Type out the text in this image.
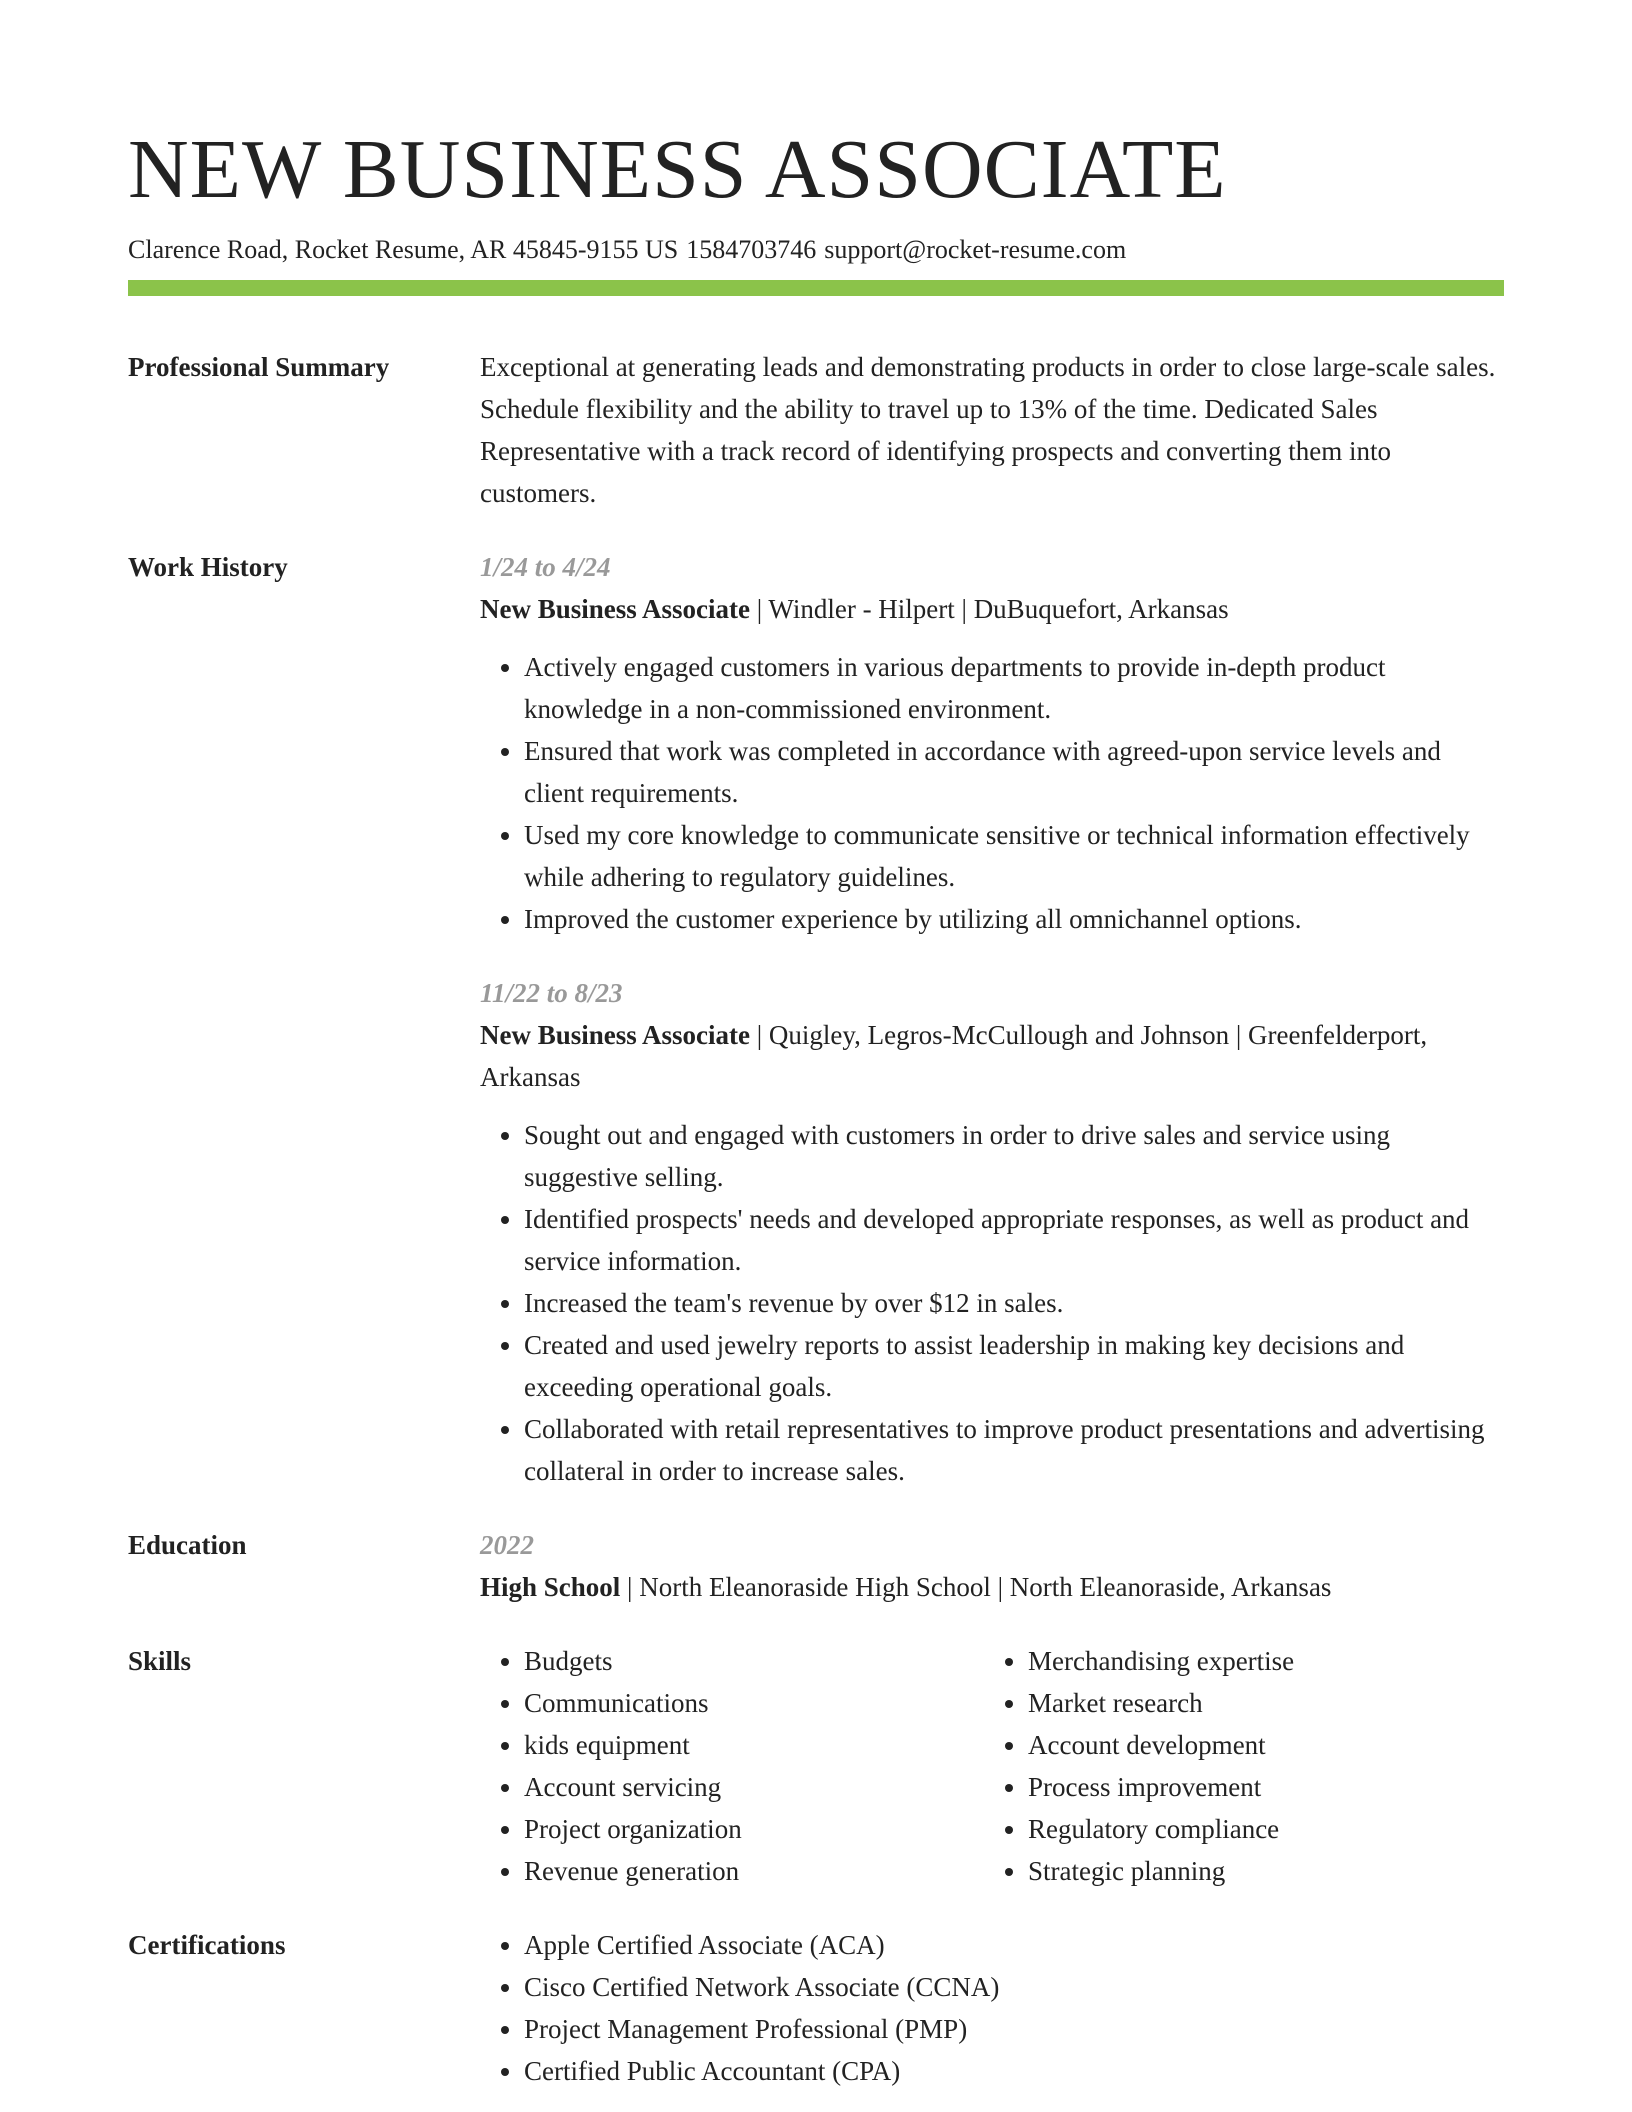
NEW BUSINESS ASSOCIATE
Clarence Road, Rocket Resume, AR 45845-9155 US 1584703746 support@rocket-resume.com
Professional Summary	Exceptional at generating leads and demonstrating products in order to close large-scale sales. Schedule flexibility and the ability to travel up to 13% of the time. Dedicated Sales Representative with a track record of identifying prospects and converting them into customers.

Work History	1/24 to 4/24
New Business Associate | Windler - Hilpert | DuBuquefort, Arkansas
• Actively engaged customers in various departments to provide in-depth product knowledge in a non-commissioned environment.
• Ensured that work was completed in accordance with agreed-upon service levels and client requirements.
• Used my core knowledge to communicate sensitive or technical information effectively while adhering to regulatory guidelines.
• Improved the customer experience by utilizing all omnichannel options.
11/22 to 8/23
New Business Associate | Quigley, Legros-McCullough and Johnson | Greenfelderport, Arkansas
• Sought out and engaged with customers in order to drive sales and service using suggestive selling.
• Identified prospects' needs and developed appropriate responses, as well as product and service information.
• Increased the team's revenue by over $12 in sales.
• Created and used jewelry reports to assist leadership in making key decisions and exceeding operational goals.
• Collaborated with retail representatives to improve product presentations and advertising collateral in order to increase sales.
Education	2022
High School | North Eleanoraside High School | North Eleanoraside, Arkansas
Skills	• Budgets
• Communications
• kids equipment
• Account servicing
• Project organization
• Revenue generation
• Merchandising expertise
• Market research
• Account development
• Process improvement
• Regulatory compliance
• Strategic planning
Certifications	• Apple Certified Associate (ACA)
• Cisco Certified Network Associate (CCNA)
• Project Management Professional (PMP)
• Certified Public Accountant (CPA)
